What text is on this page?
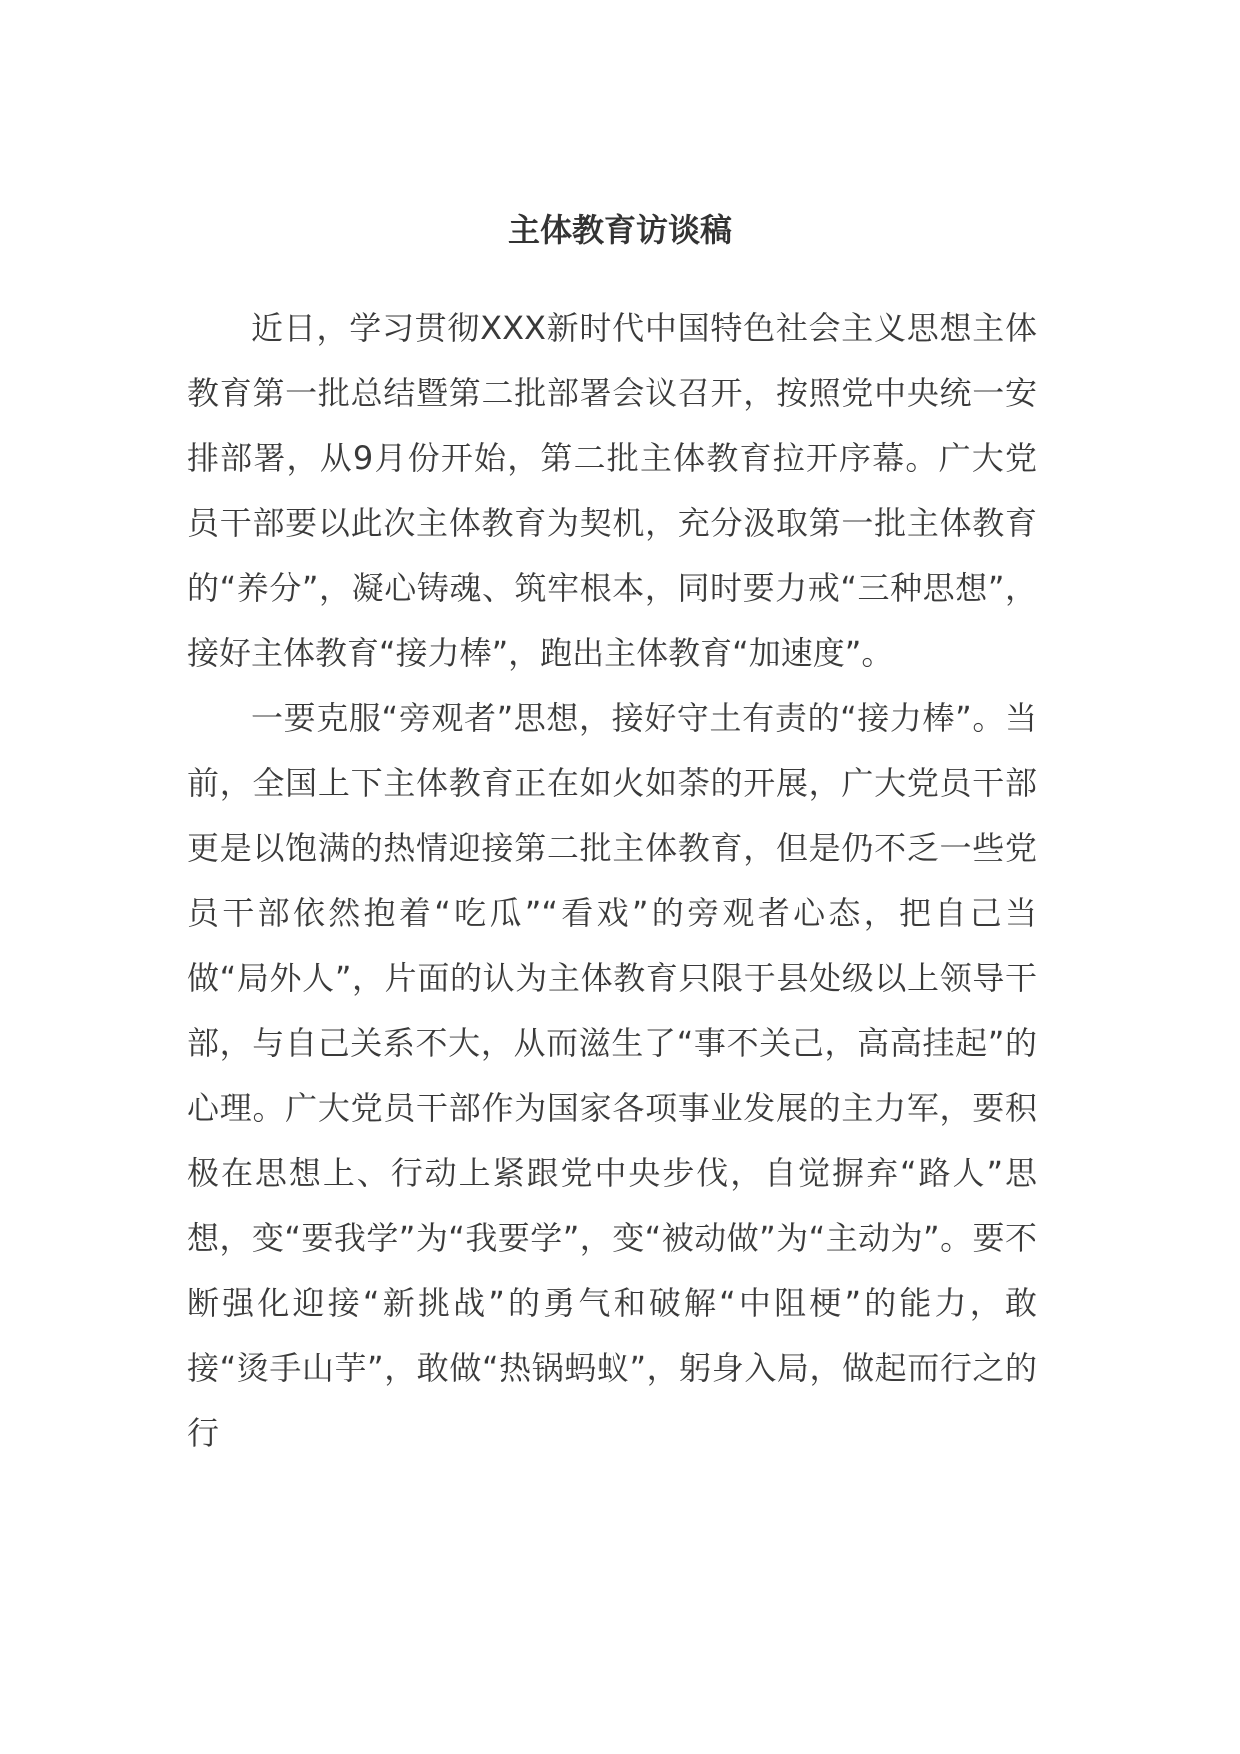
主体教育访谈稿

近日，学习贯彻XXX新时代中国特色社会主义思想主体教育第一批总结暨第二批部署会议召开，按照党中央统一安排部署，从9月份开始，第二批主体教育拉开序幕。广大党员干部要以此次主体教育为契机，充分汲取第一批主体教育的“养分”，凝心铸魂、筑牢根本，同时要力戒“三种思想”，接好主体教育“接力棒”，跑出主体教育“加速度”。

一要克服“旁观者”思想，接好守土有责的“接力棒”。当前，全国上下主体教育正在如火如荼的开展，广大党员干部更是以饱满的热情迎接第二批主体教育，但是仍不乏一些党员干部依然抱着“吃瓜”“看戏”的旁观者心态，把自己当做“局外人”，片面的认为主体教育只限于县处级以上领导干部，与自己关系不大，从而滋生了“事不关己，高高挂起”的心理。广大党员干部作为国家各项事业发展的主力军，要积极在思想上、行动上紧跟党中央步伐，自觉摒弃“路人”思想，变“要我学”为“我要学”，变“被动做”为“主动为”。要不断强化迎接“新挑战”的勇气和破解“中阻梗”的能力，敢接“烫手山芋”，敢做“热锅蚂蚁”，躬身入局，做起而行之的行
